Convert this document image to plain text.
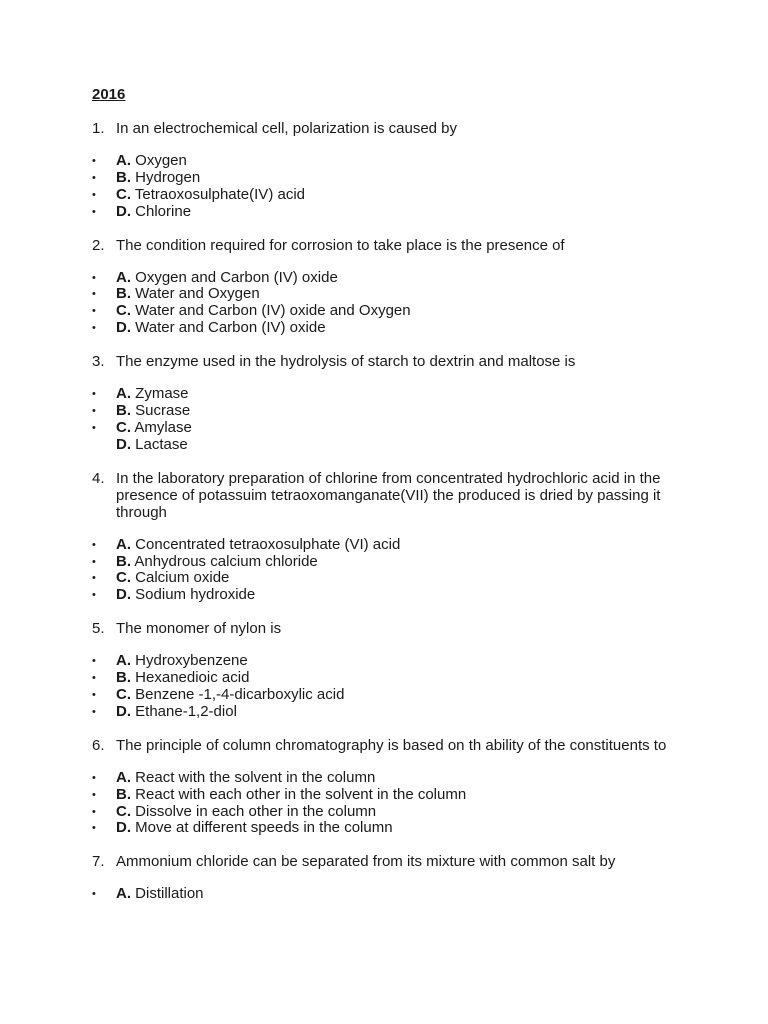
2016
1. In an electrochemical cell, polarization is caused by
•	A. Oxygen
•	B. Hydrogen
•	C. Tetraoxosulphate(IV) acid
•	D. Chlorine
2. The condition required for corrosion to take place is the presence of
•	A. Oxygen and Carbon (IV) oxide
•	B. Water and Oxygen
•	C. Water and Carbon (IV) oxide and Oxygen
•	D. Water and Carbon (IV) oxide
3. The enzyme used in the hydrolysis of starch to dextrin and maltose is
•	A. Zymase
•	B. Sucrase
•	C. Amylase
D. Lactase
4. In the laboratory preparation of chlorine from concentrated hydrochloric acid in the presence of potassuim tetraoxomanganate(VII) the produced is dried by passing it through
•	A. Concentrated tetraoxosulphate (VI) acid
•	B. Anhydrous calcium chloride
•	C. Calcium oxide
•	D. Sodium hydroxide
5. The monomer of nylon is
•	A. Hydroxybenzene
•	B. Hexanedioic acid
•	C. Benzene -1,-4-dicarboxylic acid
•	D. Ethane-1,2-diol
6. The principle of column chromatography is based on th ability of the constituents to
•	A. React with the solvent in the column
•	B. React with each other in the solvent in the column
•	C. Dissolve in each other in the column
•	D. Move at different speeds in the column
7. Ammonium chloride can be separated from its mixture with common salt by
•	A. Distillation
